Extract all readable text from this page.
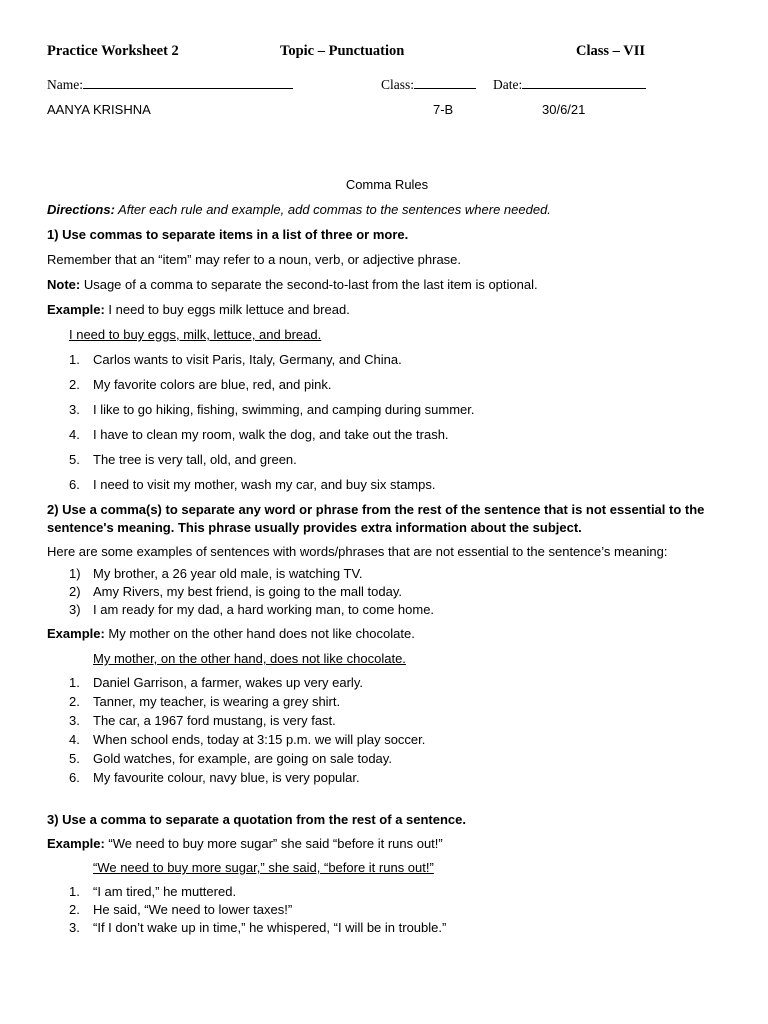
Practice Worksheet 2	Topic – Punctuation	Class – VII
Name:	Class:	Date:
AANYA KRISHNA	7-B	30/6/21

Comma Rules

Directions: After each rule and example, add commas to the sentences where needed.

1) Use commas to separate items in a list of three or more.

Remember that an “item” may refer to a noun, verb, or adjective phrase.

Note: Usage of a comma to separate the second-to-last from the last item is optional.

Example: I need to buy eggs milk lettuce and bread.

I need to buy eggs, milk, lettuce, and bread.

1. Carlos wants to visit Paris, Italy, Germany, and China.
2. My favorite colors are blue, red, and pink.
3. I like to go hiking, fishing, swimming, and camping during summer.
4. I have to clean my room, walk the dog, and take out the trash.
5. The tree is very tall, old, and green.
6. I need to visit my mother, wash my car, and buy six stamps.

2) Use a comma(s) to separate any word or phrase from the rest of the sentence that is not essential to the sentence's meaning. This phrase usually provides extra information about the subject.

Here are some examples of sentences with words/phrases that are not essential to the sentence’s meaning:

1) My brother, a 26 year old male, is watching TV.
2) Amy Rivers, my best friend, is going to the mall today.
3) I am ready for my dad, a hard working man, to come home.

Example: My mother on the other hand does not like chocolate.

My mother, on the other hand, does not like chocolate.

1. Daniel Garrison, a farmer, wakes up very early.
2. Tanner, my teacher, is wearing a grey shirt.
3. The car, a 1967 ford mustang, is very fast.
4. When school ends, today at 3:15 p.m. we will play soccer.
5. Gold watches, for example, are going on sale today.
6. My favourite colour, navy blue, is very popular.

3) Use a comma to separate a quotation from the rest of a sentence.

Example: “We need to buy more sugar” she said “before it runs out!”

“We need to buy more sugar,” she said, “before it runs out!”

1. “I am tired,” he muttered.
2. He said, “We need to lower taxes!”
3. “If I don’t wake up in time,” he whispered, “I will be in trouble.”
